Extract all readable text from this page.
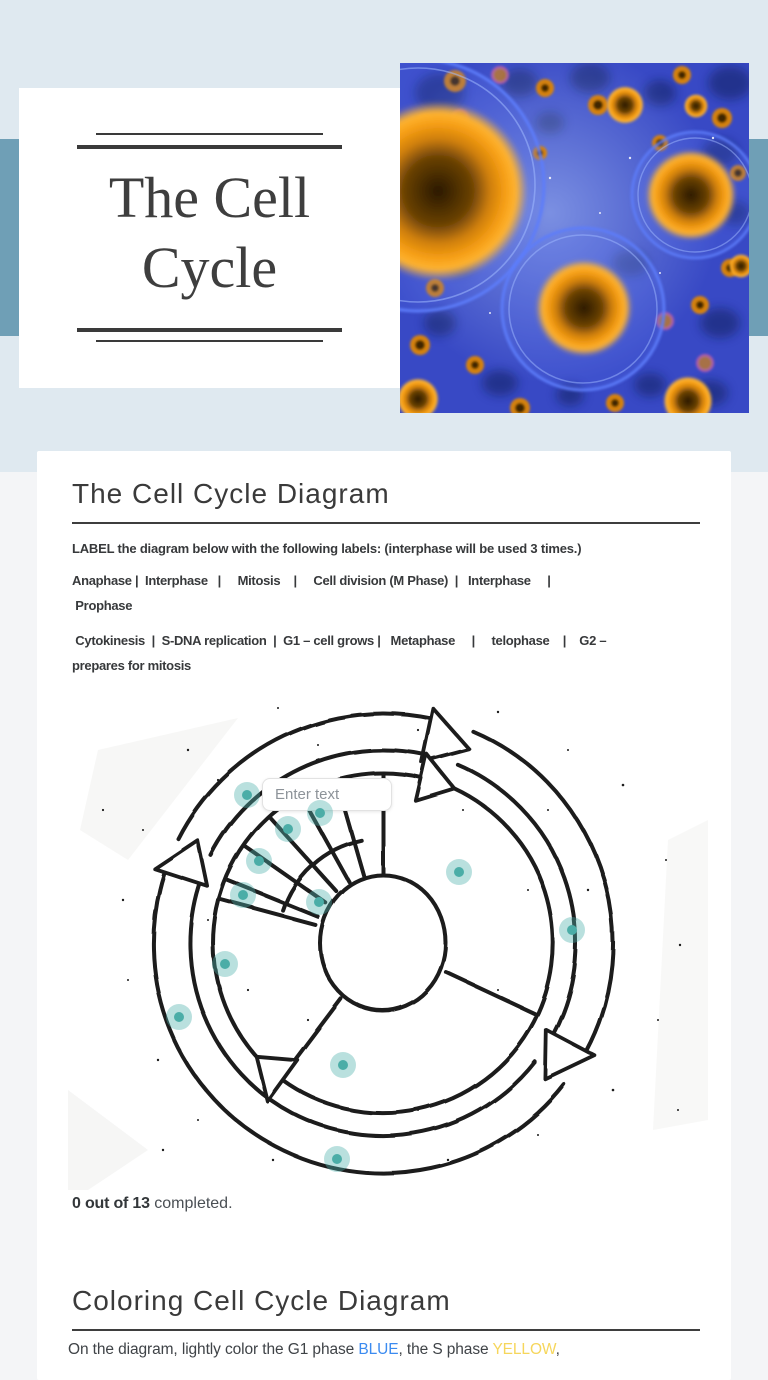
The Cell
Cycle
The Cell Cycle Diagram
LABEL the diagram below with the following labels: (interphase will be used 3 times.)
Anaphase |  Interphase   |     Mitosis    |     Cell division (M Phase)  |   Interphase     |
Prophase
Cytokinesis  |  S-DNA replication  |  G1 – cell grows |   Metaphase     |     telophase    |    G2 –
prepares for mitosis
Enter text
0 out of 13 completed.
Coloring Cell Cycle Diagram

On the diagram, lightly color the G1 phase BLUE, the S phase YELLOW,
